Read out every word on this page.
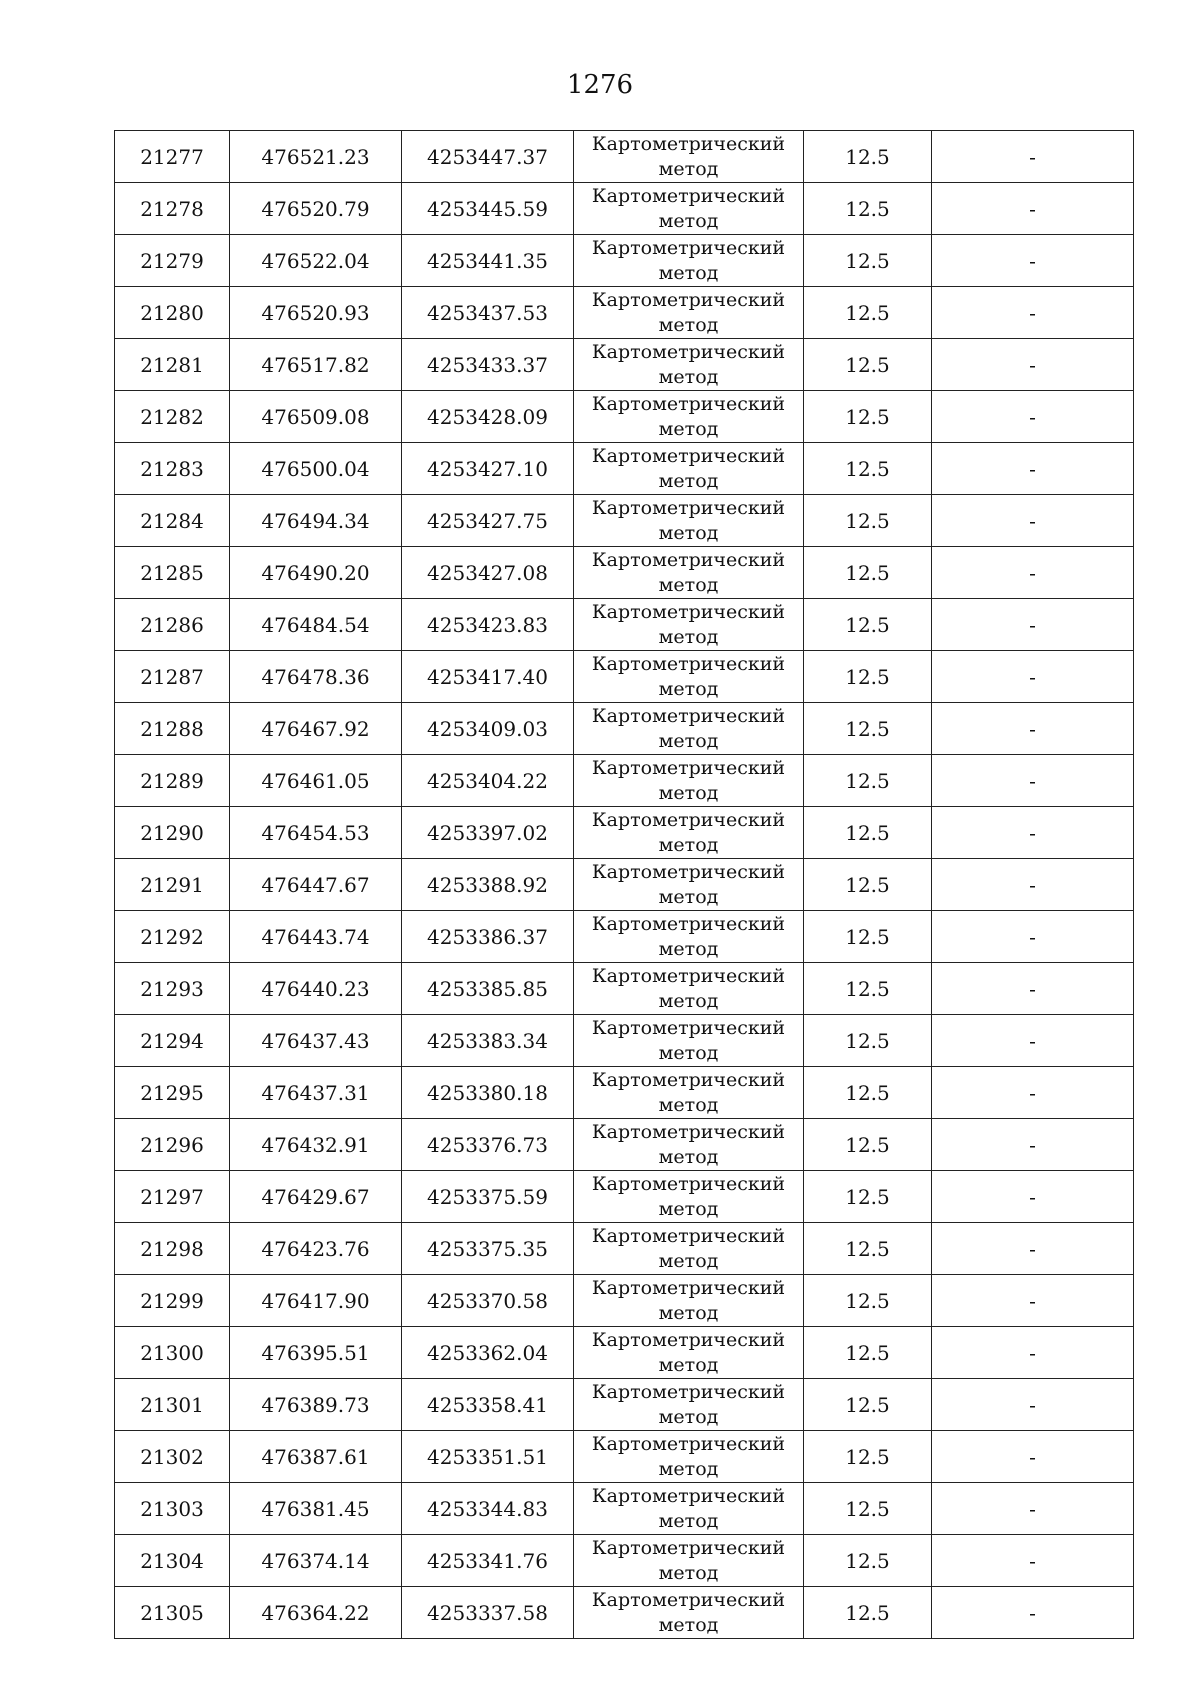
1276
21277	476521.23	4253447.37	Картометрический
метод	12.5	-
21278	476520.79	4253445.59	Картометрический
метод	12.5	-
21279	476522.04	4253441.35	Картометрический
метод	12.5	-
21280	476520.93	4253437.53	Картометрический
метод	12.5	-
21281	476517.82	4253433.37	Картометрический
метод	12.5	-
21282	476509.08	4253428.09	Картометрический
метод	12.5	-
21283	476500.04	4253427.10	Картометрический
метод	12.5	-
21284	476494.34	4253427.75	Картометрический
метод	12.5	-
21285	476490.20	4253427.08	Картометрический
метод	12.5	-
21286	476484.54	4253423.83	Картометрический
метод	12.5	-
21287	476478.36	4253417.40	Картометрический
метод	12.5	-
21288	476467.92	4253409.03	Картометрический
метод	12.5	-
21289	476461.05	4253404.22	Картометрический
метод	12.5	-
21290	476454.53	4253397.02	Картометрический
метод	12.5	-
21291	476447.67	4253388.92	Картометрический
метод	12.5	-
21292	476443.74	4253386.37	Картометрический
метод	12.5	-
21293	476440.23	4253385.85	Картометрический
метод	12.5	-
21294	476437.43	4253383.34	Картометрический
метод	12.5	-
21295	476437.31	4253380.18	Картометрический
метод	12.5	-
21296	476432.91	4253376.73	Картометрический
метод	12.5	-
21297	476429.67	4253375.59	Картометрический
метод	12.5	-
21298	476423.76	4253375.35	Картометрический
метод	12.5	-
21299	476417.90	4253370.58	Картометрический
метод	12.5	-
21300	476395.51	4253362.04	Картометрический
метод	12.5	-
21301	476389.73	4253358.41	Картометрический
метод	12.5	-
21302	476387.61	4253351.51	Картометрический
метод	12.5	-
21303	476381.45	4253344.83	Картометрический
метод	12.5	-
21304	476374.14	4253341.76	Картометрический
метод	12.5	-
21305	476364.22	4253337.58	Картометрический
метод	12.5	-
